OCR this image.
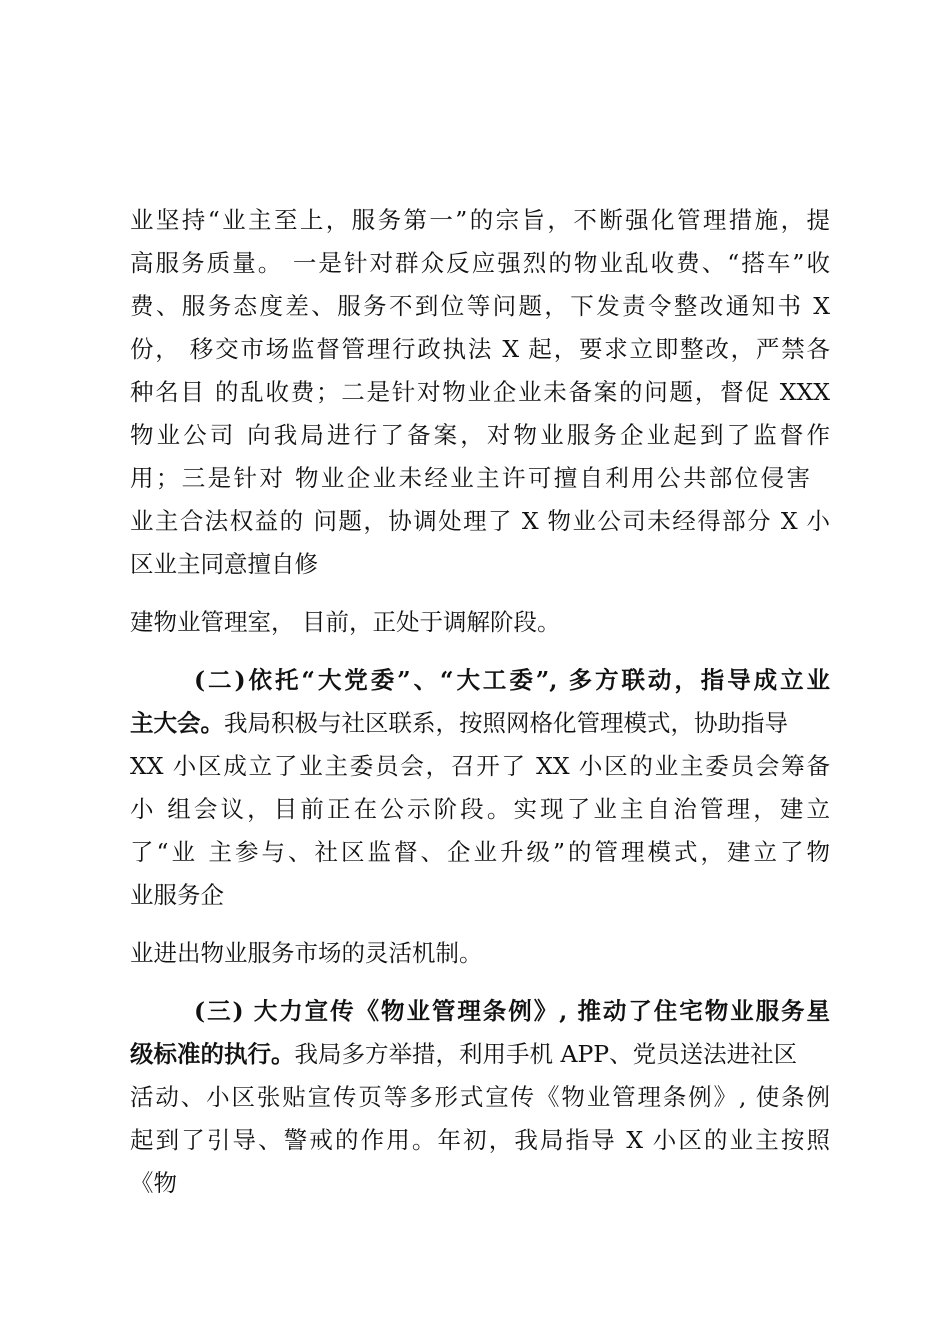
业坚持“业主至上，服务第一”的宗旨，不断强化管理措施，提
高服务质量。 一是针对群众反应强烈的物业乱收费、“搭车”收
费、服务态度差、服务不到位等问题，下发责令整改通知书 X
份， 移交市场监督管理行政执法 X 起，要求立即整改，严禁各
种名目 的乱收费；二是针对物业企业未备案的问题，督促 XXX
物业公司 向我局进行了备案，对物业服务企业起到了监督作
用；三是针对 物业企业未经业主许可擅自利用公共部位侵害
业主合法权益的 问题，协调处理了 X 物业公司未经得部分 X 小
区业主同意擅自修
建物业管理室， 目前，正处于调解阶段。
(二)依托“大党委”、“大工委”, 多方联动，指导成立业
主大会。我局积极与社区联系，按照网格化管理模式，协助指导
XX 小区成立了业主委员会，召开了 XX 小区的业主委员会筹备
小 组会议，目前正在公示阶段。实现了业主自治管理，建立
了“业 主参与、社区监督、企业升级”的管理模式，建立了物
业服务企
业进出物业服务市场的灵活机制。
(三) 大力宣传《物业管理条例》, 推动了住宅物业服务星
级标准的执行。我局多方举措，利用手机 APP、党员送法进社区
活动、小区张贴宣传页等多形式宣传《物业管理条例》, 使条例
起到了引导、警戒的作用。年初，我局指导 X 小区的业主按照
《物
